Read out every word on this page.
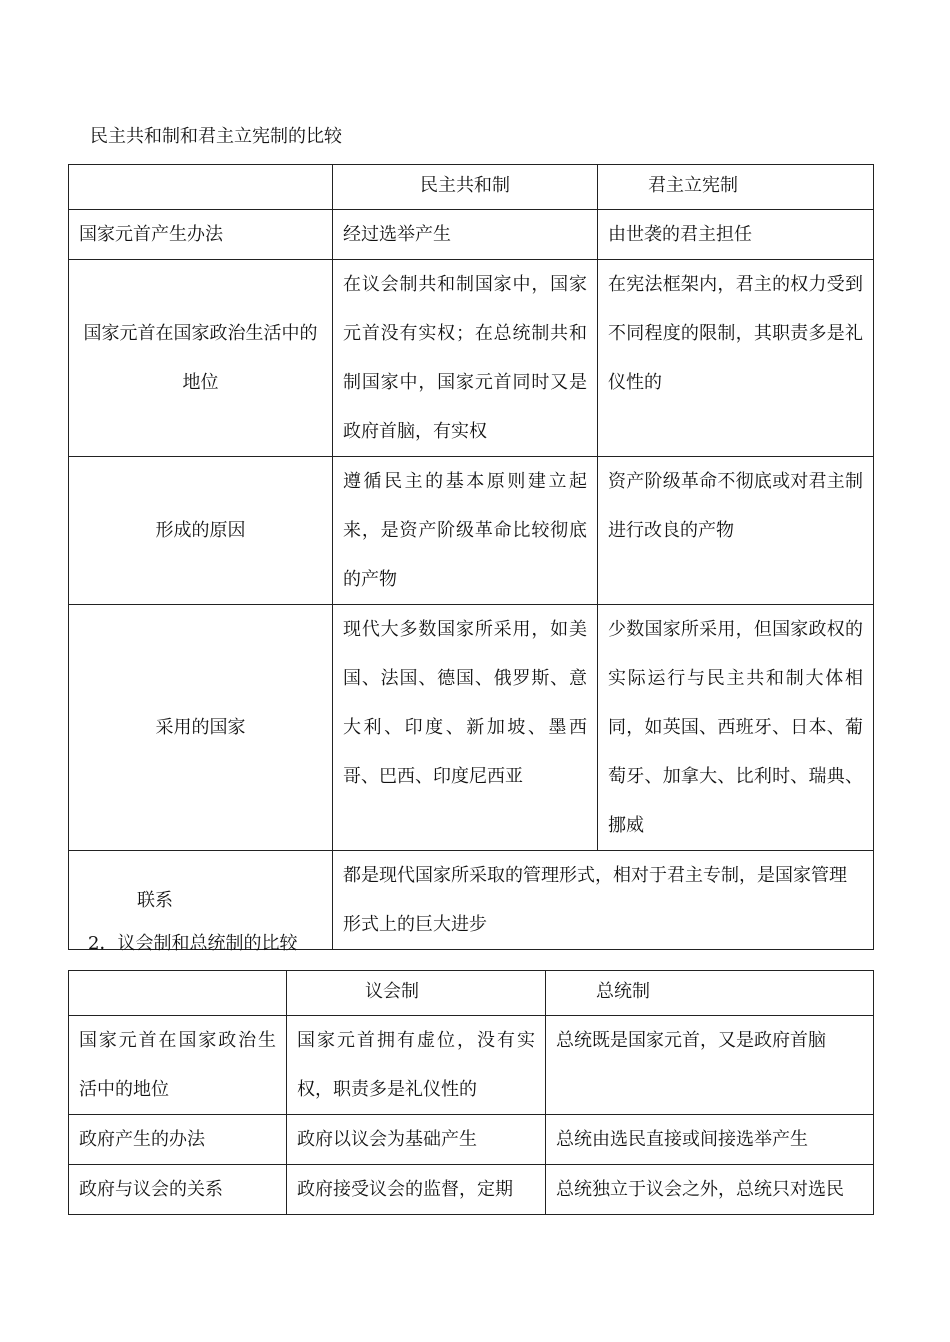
民主共和制和君主立宪制的比较
	民主共和制	君主立宪制
国家元首产生办法	经过选举产生	由世袭的君主担任
国家元首在国家政治生活中的地位	在议会制共和制国家中，国家元首没有实权；在总统制共和制国家中，国家元首同时又是政府首脑，有实权	在宪法框架内，君主的权力受到不同程度的限制，其职责多是礼仪性的
形成的原因	遵循民主的基本原则建立起来，是资产阶级革命比较彻底的产物	资产阶级革命不彻底或对君主制进行改良的产物
采用的国家	现代大多数国家所采用，如美国、法国、德国、俄罗斯、意大利、印度、新加坡、墨西哥、巴西、印度尼西亚	少数国家所采用，但国家政权的实际运行与民主共和制大体相同，如英国、西班牙、日本、葡萄牙、加拿大、比利时、瑞典、挪威
联系	都是现代国家所采取的管理形式，相对于君主专制，是国家管理形式上的巨大进步	
2．议会制和总统制的比较
	议会制	总统制
国家元首在国家政治生活中的地位	国家元首拥有虚位，没有实权，职责多是礼仪性的	总统既是国家元首，又是政府首脑
政府产生的办法	政府以议会为基础产生	总统由选民直接或间接选举产生
政府与议会的关系	政府接受议会的监督，定期	总统独立于议会之外，总统只对选民
